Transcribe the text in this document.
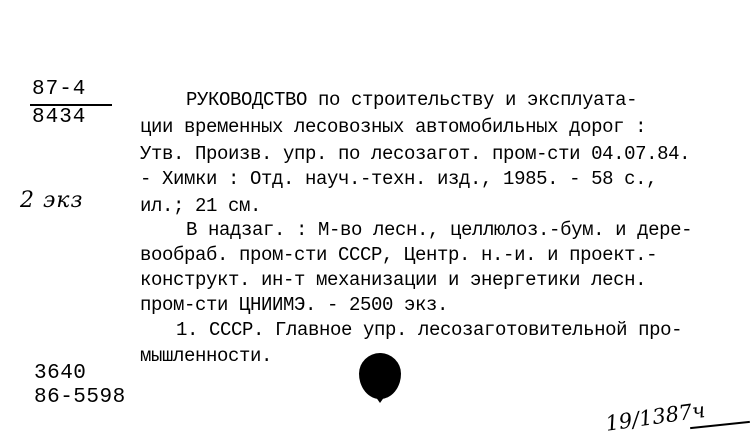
87-4
8434
2 экз
РУКОВОДСТВО по строительству и эксплуата-
ции временных лесовозных автомобильных дорог :
Утв. Произв. упр. по лесозагот. пром-сти 04.07.84.
- Химки : Отд. науч.-техн. изд., 1985. - 58 с.,
ил.; 21 см.
В надзаг. : М-во лесн., целлюлоз.-бум. и дере-
вообраб. пром-сти СССР, Центр. н.-и. и проект.-
конструкт. ин-т механизации и энергетики лесн.
пром-сти ЦНИИМЭ. - 2500 экз.
1. СССР. Главное упр. лесозаготовительной про-
мышленности.
3640
86-5598
19/1387ч
